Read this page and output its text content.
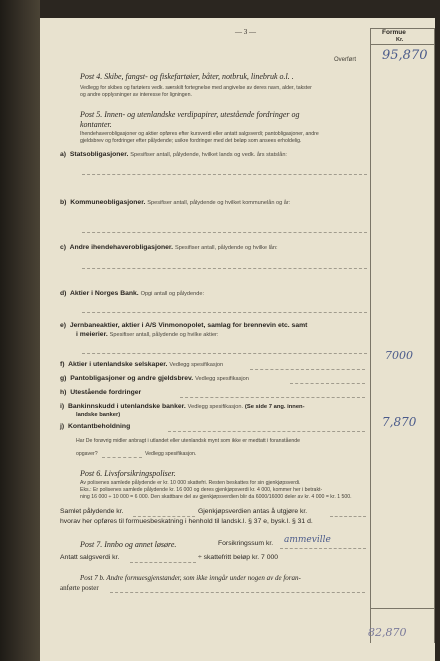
Formue
Kr.
— 3 —
Overført 95,870
Post 4. Skibe, fangst- og fiskefartøier, båter, notbruk, linebruk o.l. .
Vedlegg for skibes og fartøiers vedk. særskilt fortegnelse med angivelse av deres navn, alder, takster
og andre opplysninger av interesse for ligningen.
Post 5. Innen- og utenlandske verdipapirer, utestående fordringer og
kontanter.
Ihendehaverobligasjoner og aktier opføres efter kursverdi eller antatt salgsverdi; pantobligasjoner, andre
gjeldsbrev og fordringer efter pålydende; usikre fordringer med det beløp som ansees erholdelig.
a) Statsobligasjoner. Spesifiser antall, pålydende, hvilket lands og vedk. års statslån:
b) Kommuneobligasjoner. Spesifiser antall, pålydende og hvilket kommunelån og år:
c) Andre ihendehaverobligasjoner. Spesifiser antall, pålydende og hvilke lån:
d) Aktier i Norges Bank. Opgi antall og pålydende:
e) Jernbaneaktier, aktier i A/S Vinmonopolet, samlag for brennevin etc. samt
i meierier. Spesifiser antall, pålydende og hvilke aktier:
f) Aktier i utenlandske selskaper. Vedlegg spesifikasjon
7000
g) Pantobligasjoner og andre gjeldsbrev. Vedlegg spesifikasjon
h) Utestående fordringer
i) Bankinnskudd i utenlandske banker. Vedlegg spesifikasjon. (Se side 7 ang. innen-
landske banker)
j) Kontantbeholdning	7,870
Har De forøvrig midler anbragt i utlandet eller utenlandsk mynt som ikke er medtatt i foranstående
opgaver?	Vedlegg spesifikasjon.
Post 6. Livsforsikringspoliser.
Av polisenes samlede pålydende er kr. 10 000 skattefri. Resten beskattes for sin gjenkjøpsverdi.
Eks.: Er polisenes samlede pålydende kr. 16 000 og deres gjenkjøpsverdi kr. 4 000, kommer her i betrakt-
ning 16 000 ÷ 10 000 = 6 000. Den skattbare del av gjenkjøpsverdien blir da 6000/16000 deler av kr. 4 000 = kr. 1 500.
Samlet pålydende kr.	Gjenkjøpsverdien antas å utgjøre kr.
hvorav her opføres til formuesbeskatning i henhold til landsk.l. § 37 e, bysk.l. § 31 d.
Post 7. Innbo og annet løsøre.	Forsikringssum kr. ammeville
Antatt salgsverdi kr.	÷ skattefritt beløp kr. 7 000
Post 7 b. Andre formuesgjenstander, som ikke inngår under nogen av de foran-
anførte poster
82,870
